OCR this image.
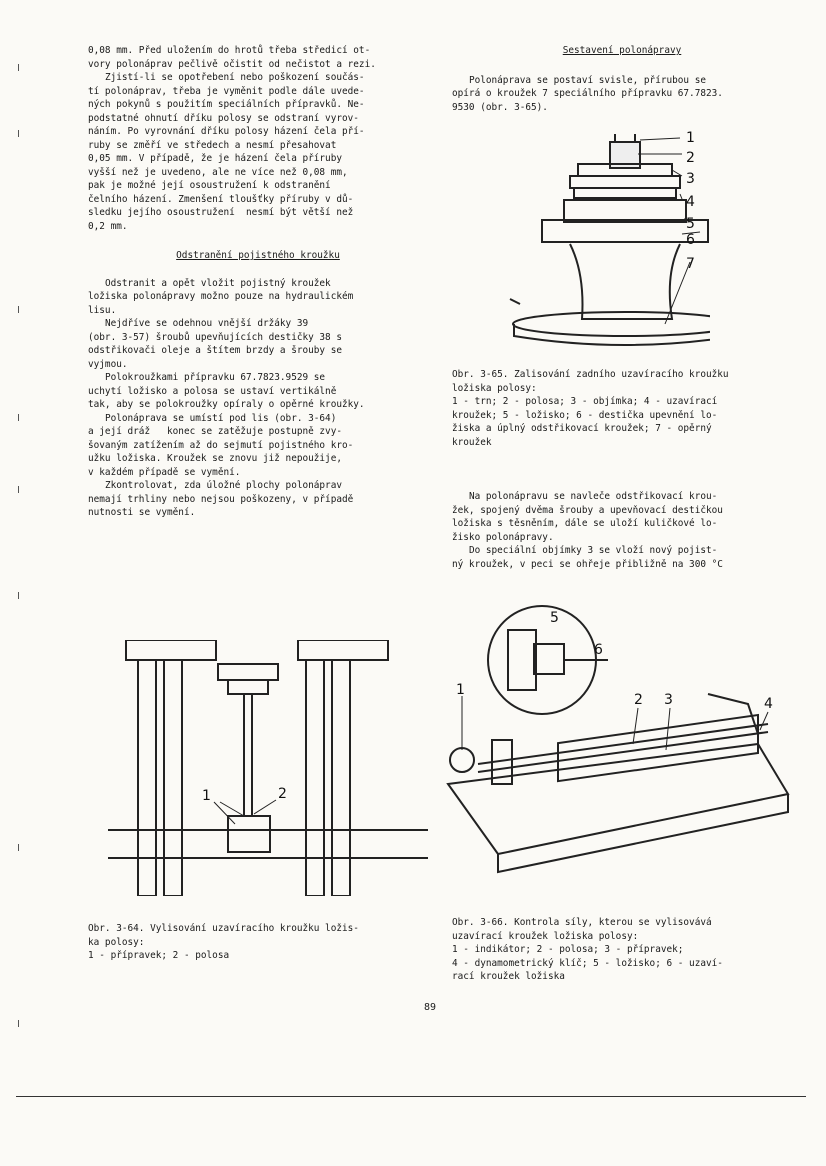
0,08 mm. Před uložením do hrotů třeba středicí ot-
vory polonáprav pečlivě očistit od nečistot a rezi.
Zjistí-li se opotřebení nebo poškození součás-
tí polonáprav, třeba je vyměnit podle dále uvede-
ných pokynů s použitím speciálních přípravků. Ne-
podstatné ohnutí dříku polosy se odstraní vyrov-
náním. Po vyrovnání dříku polosy házení čela pří-
ruby se změří ve středech a nesmí přesahovat
0,05 mm. V případě, že je házení čela příruby
vyšší než je uvedeno, ale ne více než 0,08 mm,
pak je možné její osoustružení k odstranění
čelního házení. Zmenšení tloušťky příruby v dů-
sledku jejího osoustružení  nesmí být větší než
0,2 mm.

Odstranění pojistného kroužku

Odstranit a opět vložit pojistný kroužek
ložiska polonápravy možno pouze na hydraulickém
lisu.

Nejdříve se odehnou vnější držáky 39
(obr. 3-57) šroubů upevňujících destičky 38 s
odstřikovači oleje a štítem brzdy a šrouby se
vyjmou.

Polokroužkami přípravku 67.7823.9529 se
uchytí ložisko a polosa se ustaví vertikálně
tak, aby se polokroužky opíraly o opěrné kroužky.

Polonáprava se umístí pod lis (obr. 3-64)
a její dráž   konec se zatěžuje postupně zvy-
šovaným zatížením až do sejmutí pojistného kro-
užku ložiska. Kroužek se znovu již nepoužije,
v každém případě se vymění.

Zkontrolovat, zda úložné plochy polonáprav
nemají trhliny nebo nejsou poškozeny, v případě
nutnosti se vymění.

Sestavení polonápravy

Polonáprava se postaví svisle, přírubou se
opírá o kroužek 7 speciálního přípravku 67.7823.
9530 (obr. 3-65).

1
2
3
4
5
6
7
Obr. 3-65. Zalisování zadního uzavíracího kroužku
ložiska polosy:
1 - trn; 2 - polosa; 3 - objímka; 4 - uzavírací
kroužek; 5 - ložisko; 6 - destička upevnění lo-
žiska a úplný odstřikovací kroužek; 7 - opěrný
kroužek

Na polonápravu se navleče odstřikovací krou-
žek, spojený dvěma šrouby a upevňovací destičkou
ložiska s těsněním, dále se uloží kuličkové lo-
žisko polonápravy.

Do speciální objímky 3 se vloží nový pojist-
ný kroužek, v peci se ohřeje přibližně na 300 °C

1	2
Obr. 3-64. Vylisování uzavíracího kroužku ložis-
ka polosy:
1 - přípravek; 2 - polosa
1
2 3	4
5
6
Obr. 3-66. Kontrola síly, kterou se vylisovává
uzavírací kroužek ložiska polosy:
1 - indikátor; 2 - polosa; 3 - přípravek;
4 - dynamometrický klíč; 5 - ložisko; 6 - uzaví-
rací kroužek ložiska
89
